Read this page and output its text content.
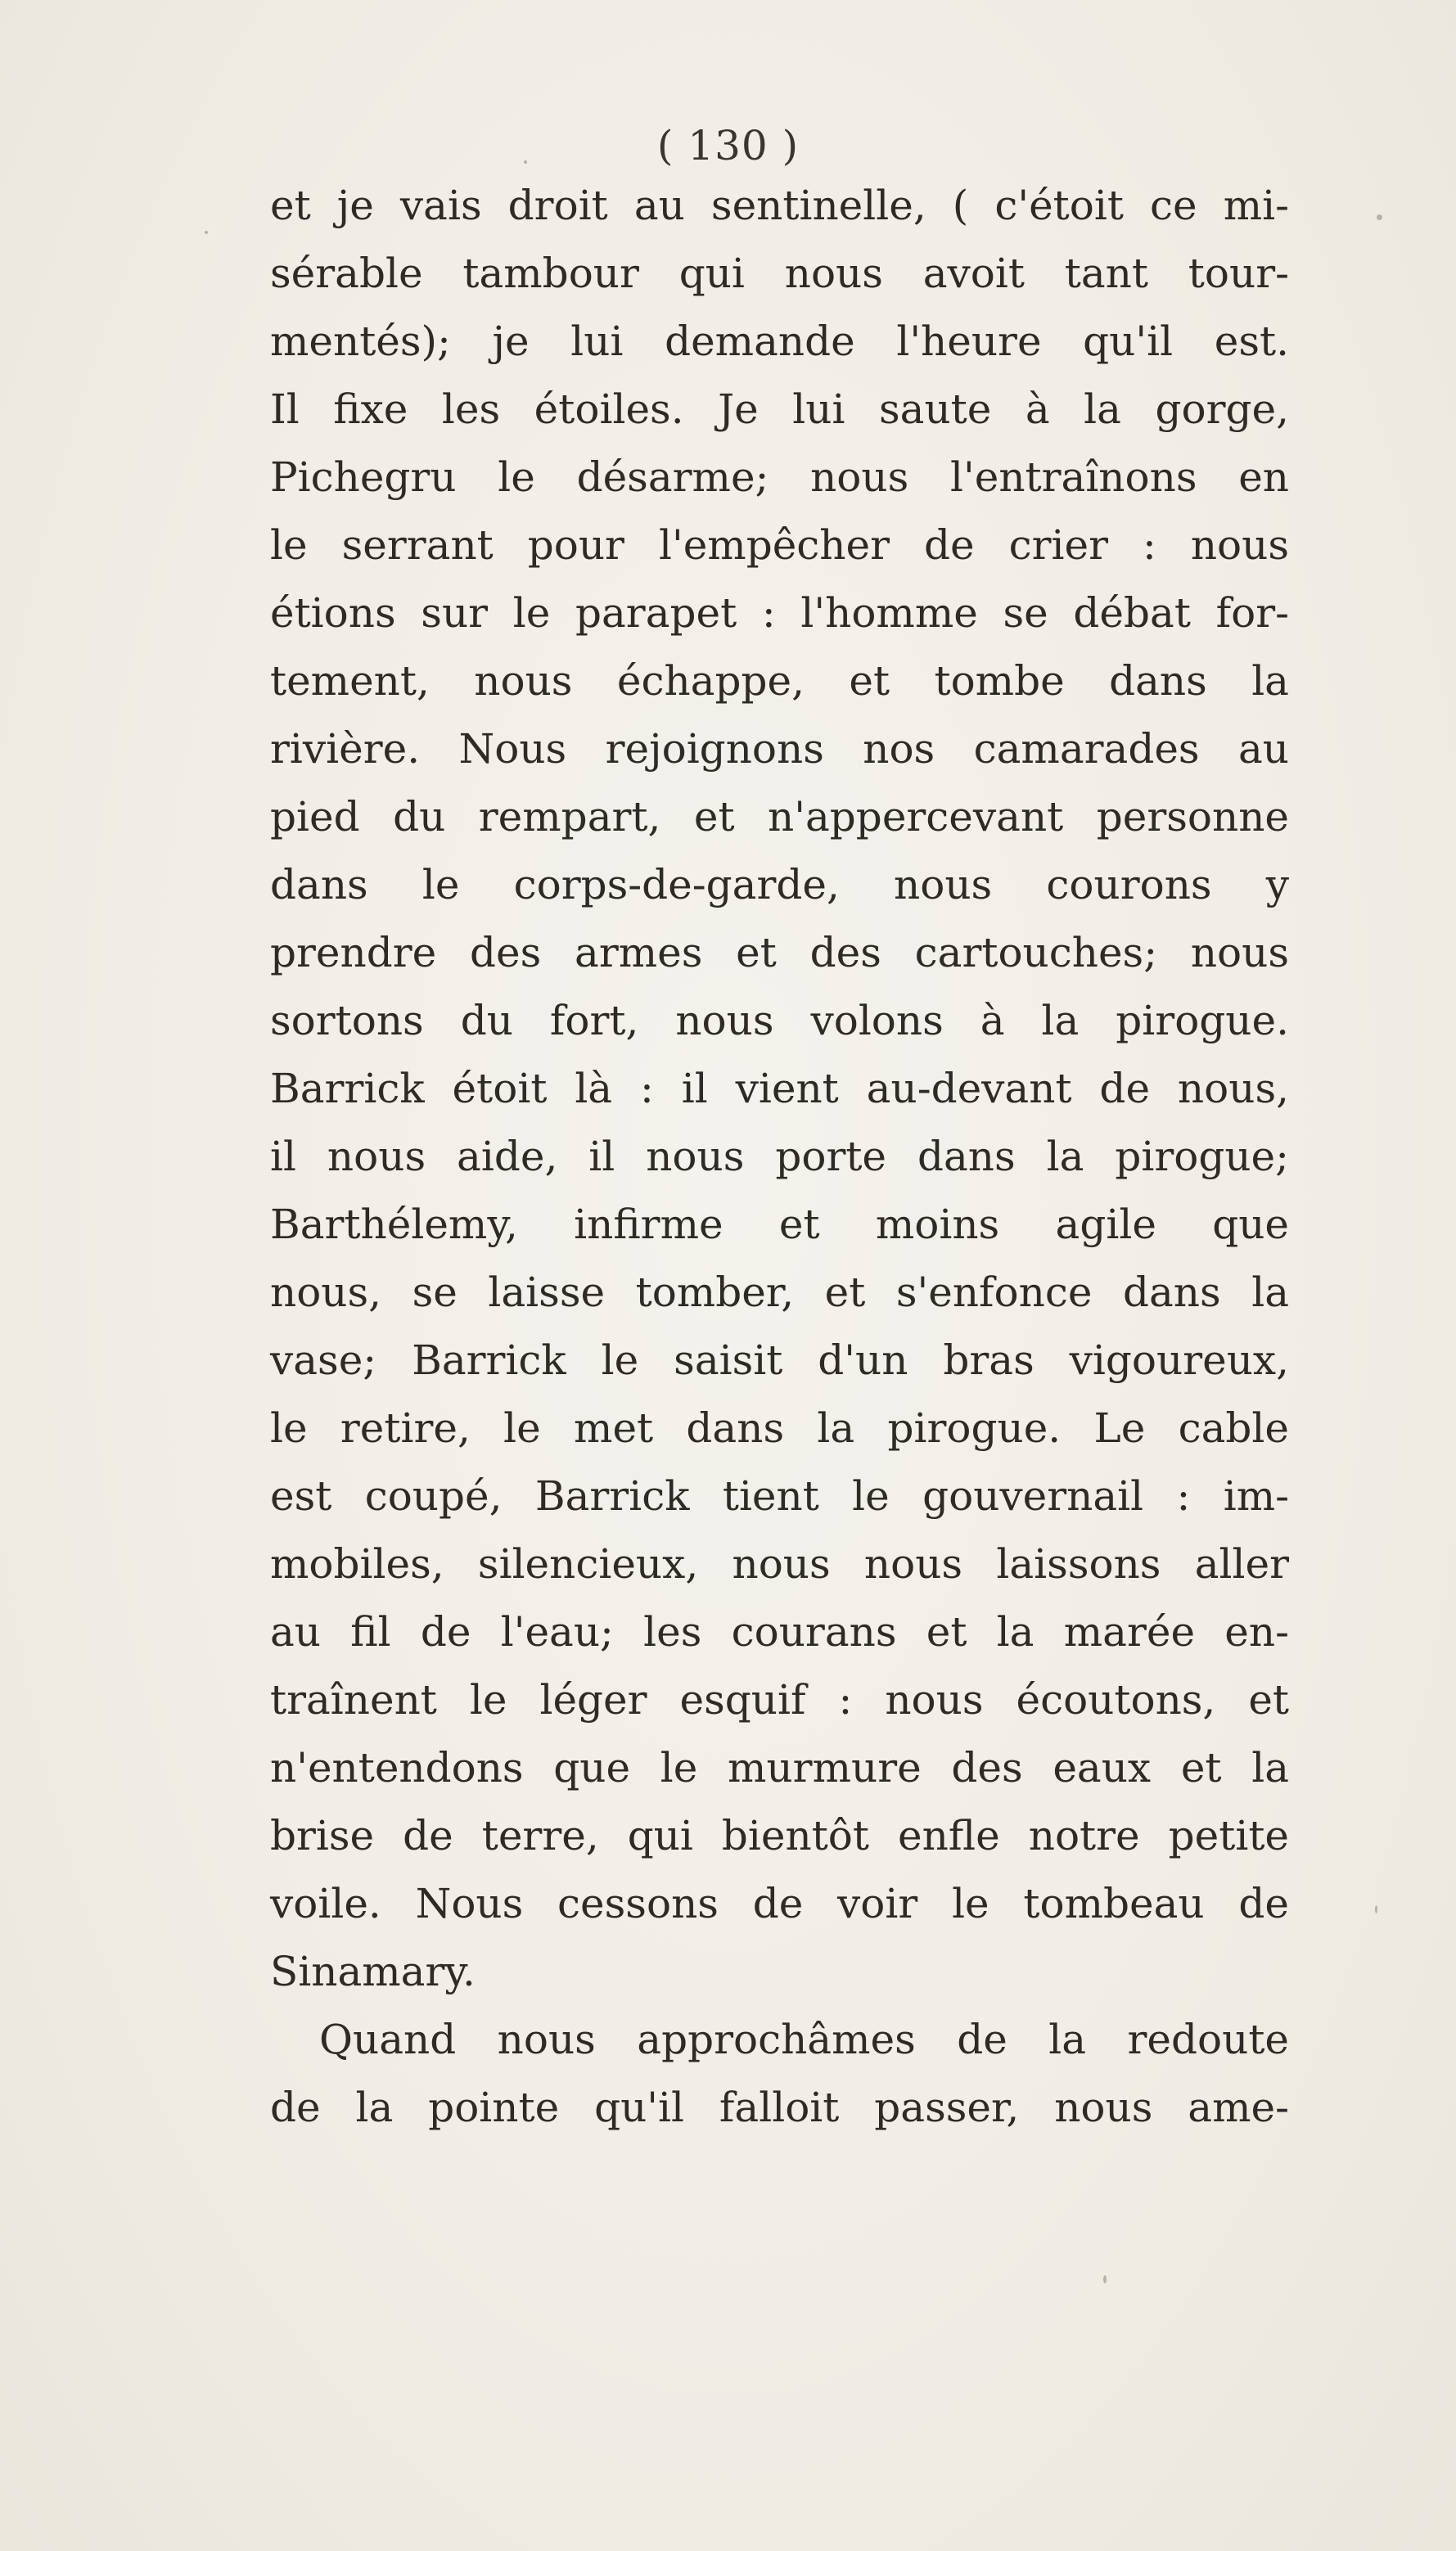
( 130 )
et je vais droit au sentinelle, ( c'étoit ce mi-
sérable tambour qui nous avoit tant tour-
mentés); je lui demande l'heure qu'il est.
Il fixe les étoiles. Je lui saute à la gorge,
Pichegru le désarme; nous l'entraînons en
le serrant pour l'empêcher de crier : nous
étions sur le parapet : l'homme se débat for-
tement, nous échappe, et tombe dans la
rivière. Nous rejoignons nos camarades au
pied du rempart, et n'appercevant personne
dans le corps-de-garde, nous courons y
prendre des armes et des cartouches; nous
sortons du fort, nous volons à la pirogue.
Barrick étoit là : il vient au-devant de nous,
il nous aide, il nous porte dans la pirogue;
Barthélemy, infirme et moins agile que
nous, se laisse tomber, et s'enfonce dans la
vase; Barrick le saisit d'un bras vigoureux,
le retire, le met dans la pirogue. Le cable
est coupé, Barrick tient le gouvernail : im-
mobiles, silencieux, nous nous laissons aller
au fil de l'eau; les courans et la marée en-
traînent le léger esquif : nous écoutons, et
n'entendons que le murmure des eaux et la
brise de terre, qui bientôt enfle notre petite
voile. Nous cessons de voir le tombeau de
Sinamary.
Quand nous approchâmes de la redoute
de la pointe qu'il falloit passer, nous ame-
